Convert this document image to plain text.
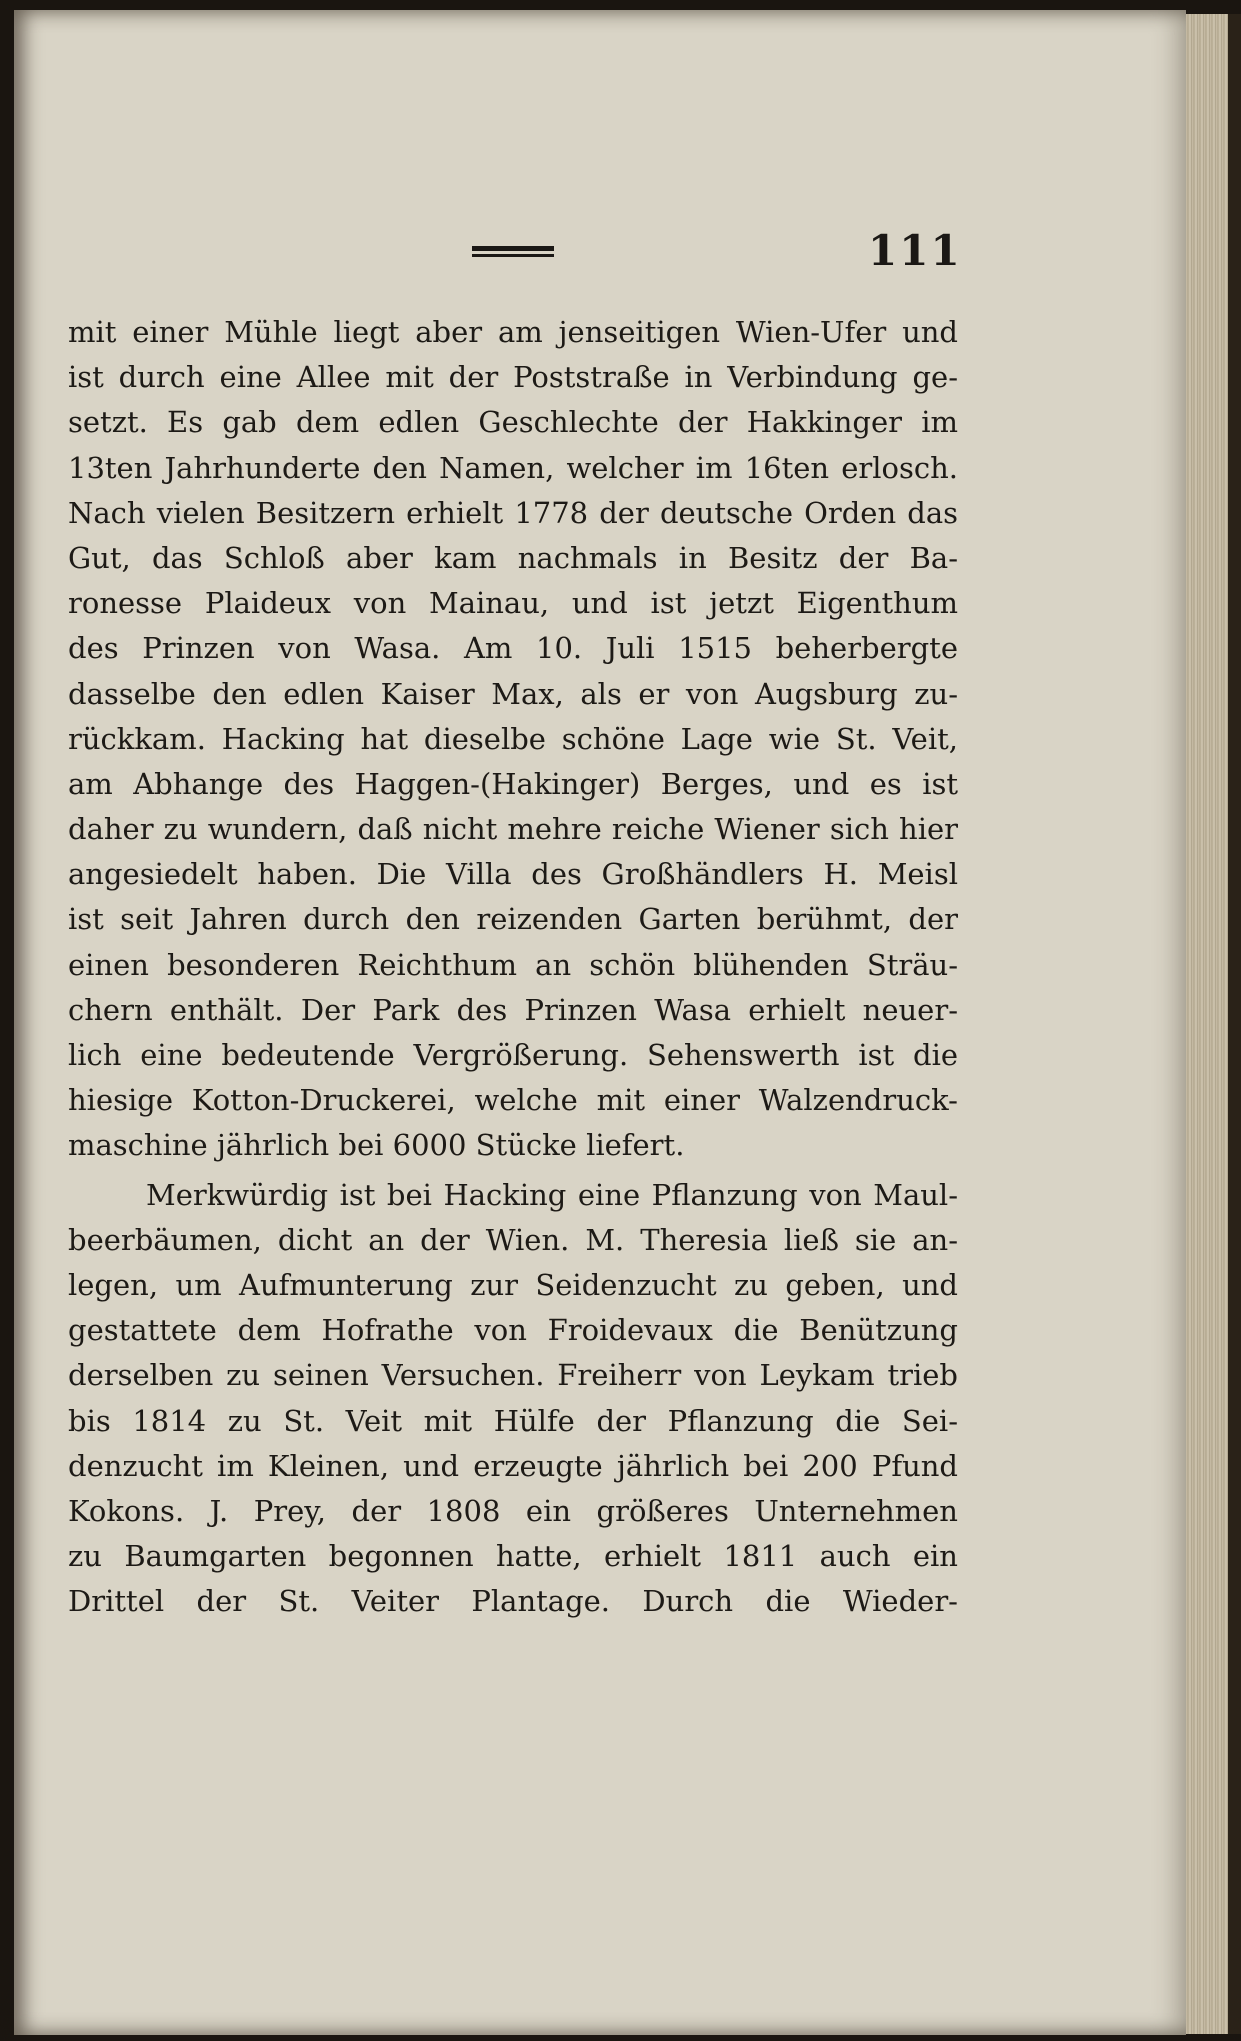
111
mit einer Mühle liegt aber am jenseitigen Wien-Ufer und
ist durch eine Allee mit der Poststraße in Verbindung ge-
setzt. Es gab dem edlen Geschlechte der Hakkinger im
13ten Jahrhunderte den Namen, welcher im 16ten erlosch.
Nach vielen Besitzern erhielt 1778 der deutsche Orden das
Gut, das Schloß aber kam nachmals in Besitz der Ba-
ronesse Plaideux von Mainau, und ist jetzt Eigenthum
des Prinzen von Wasa. Am 10. Juli 1515 beherbergte
dasselbe den edlen Kaiser Max, als er von Augsburg zu-
rückkam. Hacking hat dieselbe schöne Lage wie St. Veit,
am Abhange des Haggen-(Hakinger) Berges, und es ist
daher zu wundern, daß nicht mehre reiche Wiener sich hier
angesiedelt haben. Die Villa des Großhändlers H. Meisl
ist seit Jahren durch den reizenden Garten berühmt, der
einen besonderen Reichthum an schön blühenden Sträu-
chern enthält. Der Park des Prinzen Wasa erhielt neuer-
lich eine bedeutende Vergrößerung. Sehenswerth ist die
hiesige Kotton-Druckerei, welche mit einer Walzendruck-
maschine jährlich bei 6000 Stücke liefert.
Merkwürdig ist bei Hacking eine Pflanzung von Maul-
beerbäumen, dicht an der Wien. M. Theresia ließ sie an-
legen, um Aufmunterung zur Seidenzucht zu geben, und
gestattete dem Hofrathe von Froidevaux die Benützung
derselben zu seinen Versuchen. Freiherr von Leykam trieb
bis 1814 zu St. Veit mit Hülfe der Pflanzung die Sei-
denzucht im Kleinen, und erzeugte jährlich bei 200 Pfund
Kokons. J. Prey, der 1808 ein größeres Unternehmen
zu Baumgarten begonnen hatte, erhielt 1811 auch ein
Drittel der St. Veiter Plantage. Durch die Wieder-
